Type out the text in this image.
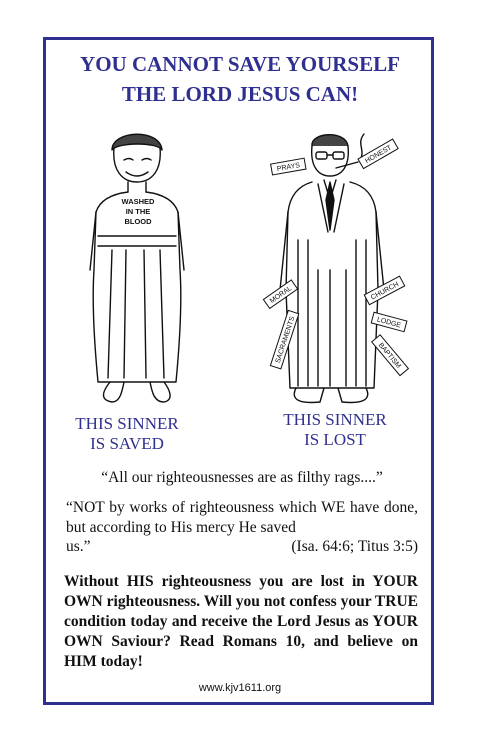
YOU CANNOT SAVE YOURSELF
THE LORD JESUS CAN!
WASHED
IN THE
BLOOD
PRAYS
HONEST
MORAL	CHURCH
SACRAMENTS	LODGE
BAPTISM
THIS SINNER
IS SAVED
THIS SINNER
IS LOST
“All our righteousnesses are as filthy rags....”
“NOT by works of righteousness which WE have done, but according to His mercy He saved
us.”	(Isa. 64:6; Titus 3:5)
Without HIS righteousness you are lost in YOUR OWN righteousness. Will you not confess your TRUE condition today and receive the Lord Jesus as YOUR OWN Saviour? Read Romans 10, and believe on HIM today!
www.kjv1611.org
